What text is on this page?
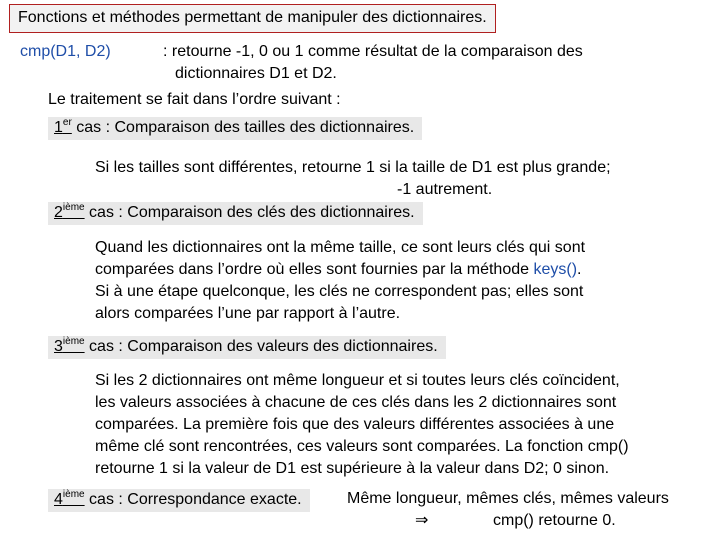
Fonctions et méthodes permettant de manipuler des dictionnaires.
cmp(D1, D2)	: retourne -1, 0 ou 1 comme résultat de la comparaison des
dictionnaires D1 et D2.
Le traitement se fait dans l’ordre suivant :
1er cas : Comparaison des tailles des dictionnaires.
Si les tailles sont différentes, retourne 1 si la taille de D1 est plus grande;
-1 autrement.
2ième cas : Comparaison des clés des dictionnaires.
Quand les dictionnaires ont la même taille, ce sont leurs clés qui sont
comparées dans l’ordre où elles sont fournies par la méthode keys().
Si à une étape quelconque, les clés ne correspondent pas; elles sont
alors comparées l’une par rapport à l’autre.
3ième cas : Comparaison des valeurs des dictionnaires.
Si les 2 dictionnaires ont même longueur et si toutes leurs clés coïncident,
les valeurs associées à chacune de ces clés dans les 2 dictionnaires sont
comparées. La première fois que des valeurs différentes associées à une
même clé sont rencontrées, ces valeurs sont comparées. La fonction cmp()
retourne 1 si la valeur de D1 est supérieure à la valeur dans D2; 0 sinon.
4ième cas : Correspondance exacte.	Même longueur, mêmes clés, mêmes valeurs
⇒	cmp() retourne 0.
